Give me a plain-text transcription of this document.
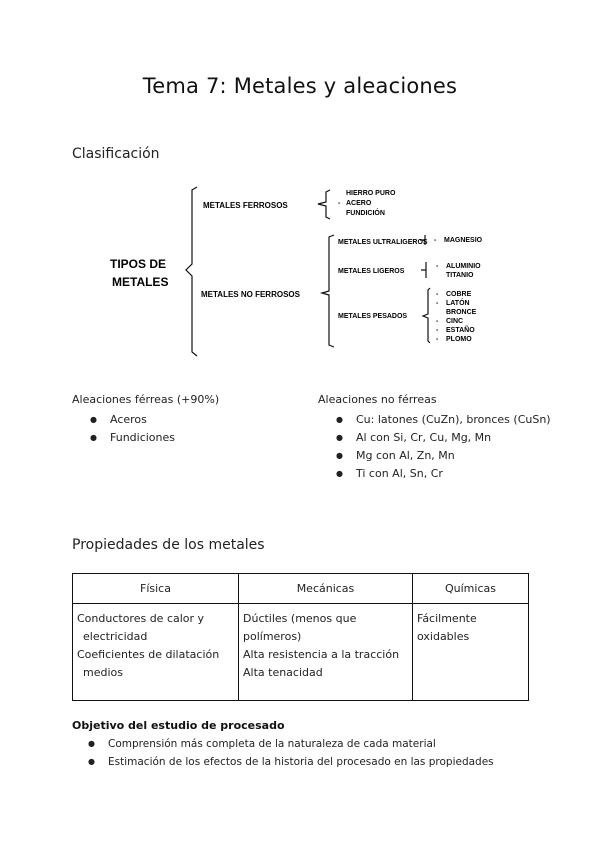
Tema 7: Metales y aleaciones
Clasificación
TIPOS DE
METALES
METALES FERROSOS
HIERRO PURO
ACERO
FUNDICIÓN
-
METALES NO FERROSOS
METALES ULTRALIGEROS MAGNESIO
-
METALES LIGEROS
ALUMINIO
TITANIO
-
METALES PESADOS
COBRE
LATÓN
BRONCE
CINC
ESTAÑO
PLOMO
-
-
-
-
-
Aleaciones férreas (+90%)
● Aceros
● Fundiciones
Aleaciones no férreas
● Cu: latones (CuZn), bronces (CuSn)
● Al con Si, Cr, Cu, Mg, Mn
● Mg con Al, Zn, Mn
● Ti con Al, Sn, Cr
Propiedades de los metales
Física	Mecánicas	Químicas

Conductores de calor y
electricidad
Coeficientes de dilatación
medios	Dúctiles (menos que polímeros)
Alta resistencia a la tracción
Alta tenacidad	Fácilmente oxidables
Objetivo del estudio de procesado
● Comprensión más completa de la naturaleza de cada material
● Estimación de los efectos de la historia del procesado en las propiedades
